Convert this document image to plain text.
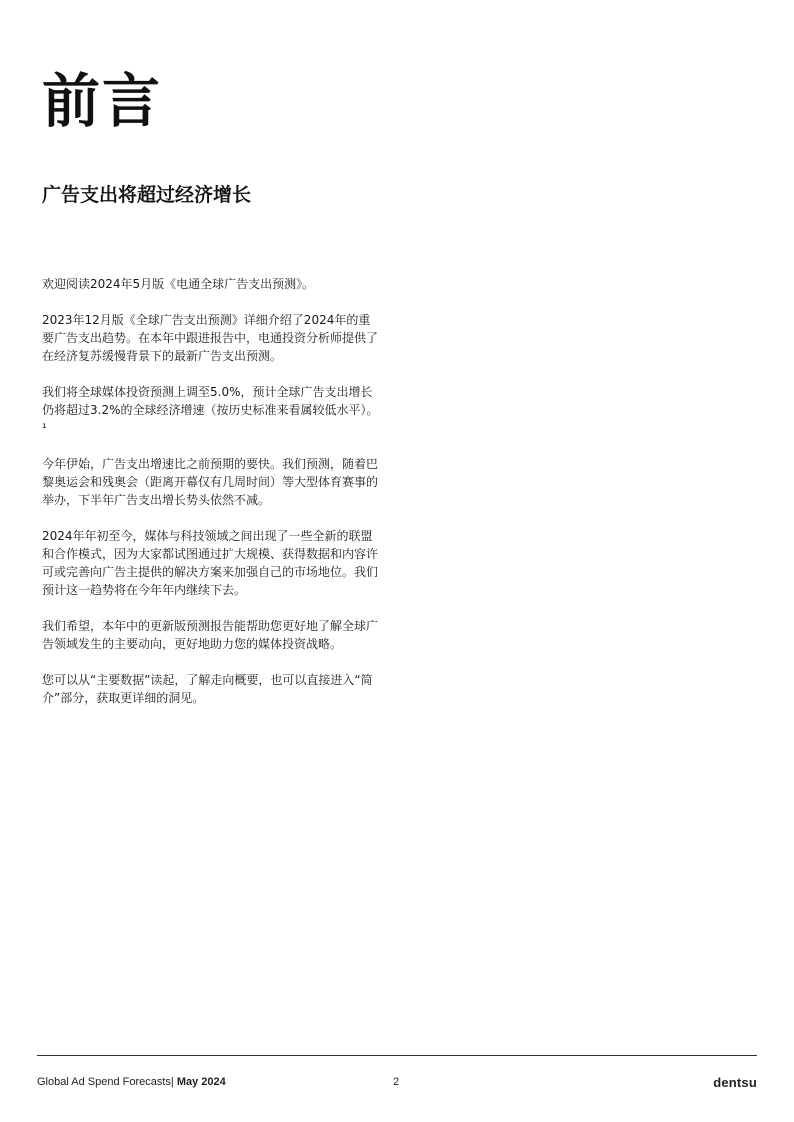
前言
广告支出将超过经济增长

欢迎阅读2024年5月版《电通全球广告支出预测》。

2023年12月版《全球广告支出预测》详细介绍了2024年的重要广告支出趋势。在本年中跟进报告中，电通投资分析师提供了在经济复苏缓慢背景下的最新广告支出预测。

我们将全球媒体投资预测上调至5.0%，预计全球广告支出增长仍将超过3.2%的全球经济增速（按历史标准来看属较低水平）。¹

今年伊始，广告支出增速比之前预期的要快。我们预测，随着巴黎奥运会和残奥会（距离开幕仅有几周时间）等大型体育赛事的举办，下半年广告支出增长势头依然不减。

2024年年初至今，媒体与科技领域之间出现了一些全新的联盟和合作模式，因为大家都试图通过扩大规模、获得数据和内容许可或完善向广告主提供的解决方案来加强自己的市场地位。我们预计这一趋势将在今年年内继续下去。

我们希望，本年中的更新版预测报告能帮助您更好地了解全球广告领域发生的主要动向，更好地助力您的媒体投资战略。

您可以从“主要数据”读起，了解走向概要，也可以直接进入“简介”部分，获取更详细的洞见。

Global Ad Spend Forecasts| May 2024	2	dentsu
